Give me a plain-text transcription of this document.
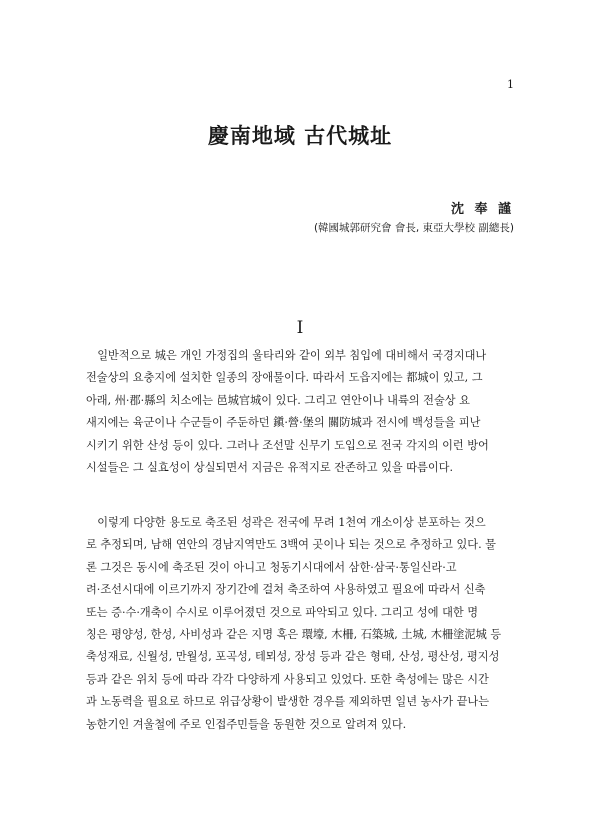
1
慶南地域 古代城址
沈 奉 謹
(韓國城郭研究會 會長, 東亞大學校 副總長)
I

　일반적으로 城은 개인 가정집의 울타리와 같이 외부 침입에 대비해서 국경지대나
전술상의 요충지에 설치한 일종의 장애물이다. 따라서 도읍지에는 都城이 있고, 그
아래, 州·郡·縣의 치소에는 邑城官城이 있다. 그리고 연안이나 내륙의 전술상 요
새지에는 육군이나 수군들이 주둔하던 鎭·營·堡의 關防城과 전시에 백성들을 피난
시키기 위한 산성 등이 있다. 그러나 조선말 신무기 도입으로 전국 각지의 이런 방어
시설들은 그 실효성이 상실되면서 지금은 유적지로 잔존하고 있을 따름이다.

　이렇게 다양한 용도로 축조된 성곽은 전국에 무려 1천여 개소이상 분포하는 것으
로 추정되며, 남해 연안의 경남지역만도 3백여 곳이나 되는 것으로 추정하고 있다. 물
론 그것은 동시에 축조된 것이 아니고 청동기시대에서 삼한·삼국·통일신라·고
려·조선시대에 이르기까지 장기간에 걸쳐 축조하여 사용하였고 필요에 따라서 신축
또는 증·수·개축이 수시로 이루어졌던 것으로 파악되고 있다. 그리고 성에 대한 명
칭은 평양성, 한성, 사비성과 같은 지명 혹은 環壕, 木柵, 石築城, 土城, 木柵塗泥城 등
축성재료, 신월성, 만월성, 포곡성, 테뫼성, 장성 등과 같은 형태, 산성, 평산성, 평지성
등과 같은 위치 등에 따라 각각 다양하게 사용되고 있었다. 또한 축성에는 많은 시간
과 노동력을 필요로 하므로 위급상황이 발생한 경우를 제외하면 일년 농사가 끝나는
농한기인 겨울철에 주로 인접주민들을 동원한 것으로 알려져 있다.
